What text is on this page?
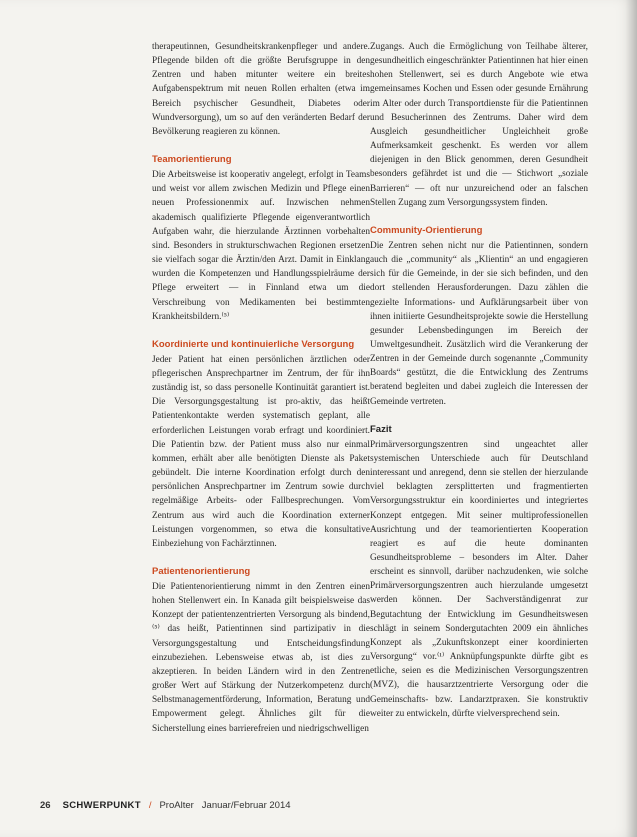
therapeutinnen, Gesundheitskrankenpfleger und andere. Pflegende bilden oft die größte Berufsgruppe in den Zentren und haben mitunter weitere ein breites Aufgabenspektrum mit neuen Rollen erhalten (etwa im Bereich psychischer Gesundheit, Diabetes oder Wundversorgung), um so auf den veränderten Bedarf der Bevölkerung reagieren zu können.

Teamorientierung

Die Arbeitsweise ist kooperativ angelegt, erfolgt in Teams und weist vor allem zwischen Medizin und Pflege einen neuen Professionenmix auf. Inzwischen nehmen akademisch qualifizierte Pflegende eigenverantwortlich Aufgaben wahr, die hierzulande Ärztinnen vorbehalten sind. Besonders in strukturschwachen Regionen ersetzen sie vielfach sogar die Ärztin/den Arzt. Damit in Einklang wurden die Kompetenzen und Handlungsspielräume der Pflege erweitert — in Finnland etwa um die Verschreibung von Medikamenten bei bestimmten Krankheitsbildern.⁽⁵⁾

Koordinierte und kontinuierliche Versorgung

Jeder Patient hat einen persönlichen ärztlichen oder pflegerischen Ansprechpartner im Zentrum, der für ihn zuständig ist, so dass personelle Kontinuität garantiert ist. Die Versorgungsgestaltung ist pro-aktiv, das heißt Patientenkontakte werden systematisch geplant, alle erforderlichen Leistungen vorab erfragt und koordiniert. Die Patientin bzw. der Patient muss also nur einmal kommen, erhält aber alle benötigten Dienste als Paket gebündelt. Die interne Koordination erfolgt durch den persönlichen Ansprechpartner im Zentrum sowie durch regelmäßige Arbeits- oder Fallbesprechungen. Vom Zentrum aus wird auch die Koordination externer Leistungen vorgenommen, so etwa die konsultative Einbeziehung von Fachärztinnen.

Patientenorientierung

Die Patientenorientierung nimmt in den Zentren einen hohen Stellenwert ein. In Kanada gilt beispielsweise das Konzept der patientenzentrierten Versorgung als bindend,⁽⁵⁾ das heißt, Patientinnen sind partizipativ in die Versorgungsgestaltung und Entscheidungsfindung einzubeziehen. Lebensweise etwas ab, ist dies zu akzeptieren. In beiden Ländern wird in den Zentren großer Wert auf Stärkung der Nutzerkompetenz durch Selbstmanagementförderung, Information, Beratung und Empowerment gelegt. Ähnliches gilt für die Sicherstellung eines barrierefreien und niedrigschwelligen

Zugangs. Auch die Ermöglichung von Teilhabe älterer, gesundheitlich eingeschränkter Patientinnen hat hier einen hohen Stellenwert, sei es durch Angebote wie etwa gemeinsames Kochen und Essen oder gesunde Ernährung im Alter oder durch Transportdienste für die Patientinnen und Besucherinnen des Zentrums. Daher wird dem Ausgleich gesundheitlicher Ungleichheit große Aufmerksamkeit geschenkt. Es werden vor allem diejenigen in den Blick genommen, deren Gesundheit besonders gefährdet ist und die — Stichwort „soziale Barrieren“ — oft nur unzureichend oder an falschen Stellen Zugang zum Versorgungssystem finden.

Community-Orientierung

Die Zentren sehen nicht nur die Patientinnen, sondern auch die „community“ als „Klientin“ an und engagieren sich für die Gemeinde, in der sie sich befinden, und den dort stellenden Herausforderungen. Dazu zählen die gezielte Informations- und Aufklärungsarbeit über von ihnen initiierte Gesundheitsprojekte sowie die Herstellung gesunder Lebensbedingungen im Bereich der Umweltgesundheit. Zusätzlich wird die Verankerung der Zentren in der Gemeinde durch sogenannte „Community Boards“ gestützt, die die Entwicklung des Zentrums beratend begleiten und dabei zugleich die Interessen der Gemeinde vertreten.

Fazit

Primärversorgungszentren sind ungeachtet aller systemischen Unterschiede auch für Deutschland interessant und anregend, denn sie stellen der hierzulande viel beklagten zersplitterten und fragmentierten Versorgungsstruktur ein koordiniertes und integriertes Konzept entgegen. Mit seiner multiprofessionellen Ausrichtung und der teamorientierten Kooperation reagiert es auf die heute dominanten Gesundheitsprobleme – besonders im Alter. Daher erscheint es sinnvoll, darüber nachzudenken, wie solche Primärversorgungszentren auch hierzulande umgesetzt werden können. Der Sachverständigenrat zur Begutachtung der Entwicklung im Gesundheitswesen schlägt in seinem Sondergutachten 2009 ein ähnliches Konzept als „Zukunftskonzept einer koordinierten Versorgung“ vor.⁽¹⁾ Anknüpfungspunkte dürfte gibt es etliche, seien es die Medizinischen Versorgungszentren (MVZ), die hausarztzentrierte Versorgung oder die Gemeinschafts- bzw. Landarztpraxen. Sie konstruktiv weiter zu entwickeln, dürfte vielversprechend sein.

26 SCHWERPUNKT / ProAlter Januar/Februar 2014
